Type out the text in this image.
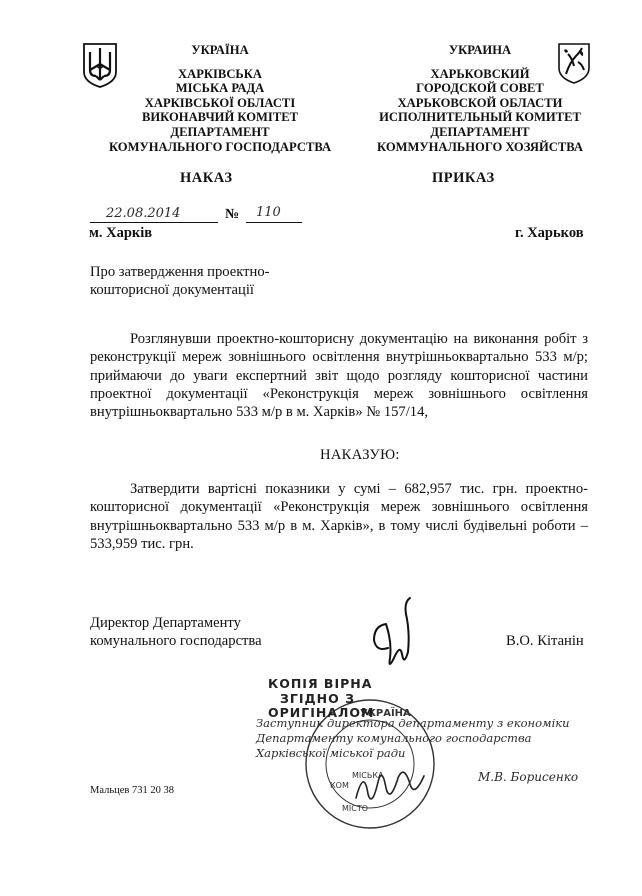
УКРАЇНА
ХАРКІВСЬКА
МІСЬКА РАДА
ХАРКІВСЬКОЇ ОБЛАСТІ
ВИКОНАВЧИЙ КОМІТЕТ
ДЕПАРТАМЕНТ
КОМУНАЛЬНОГО ГОСПОДАРСТВА
УКРАИНА
ХАРЬКОВСКИЙ
ГОРОДСКОЙ СОВЕТ
ХАРЬКОВСКОЙ ОБЛАСТИ
ИСПОЛНИТЕЛЬНЫЙ КОМИТЕТ
ДЕПАРТАМЕНТ
КОММУНАЛЬНОГО ХОЗЯЙСТВА
НАКАЗ	ПРИКАЗ
22.08.2014	№ 110
м. Харків	г. Харьков
Про затвердження проектно-
кошторисної документації
Розглянувши проектно-кошторисну документацію на виконання робіт з реконструкції мереж зовнішнього освітлення внутрішньоквартально 533 м/р; приймаючи до уваги експертний звіт щодо розгляду кошторисної частини проектної документації «Реконструкція мереж зовнішнього освітлення внутрішньоквартально 533 м/р в м. Харків» № 157/14,
НАКАЗУЮ:
Затвердити вартісні показники у сумі – 682,957 тис. грн. проектно-кошторисної документації «Реконструкція мереж зовнішнього освітлення внутрішньоквартально 533 м/р в м. Харків», в тому числі будівельні роботи – 533,959 тис. грн.
Директор Департаменту
комунального господарства	В.О. Кітанін
УКРАЇНА
МІСЬКА
КОМ
МІСТО
КОПІЯ ВІРНА
ЗГІДНО З
ОРИГІНАЛОМ
Заступник директора департаменту з економіки
Департаменту комунального господарства
Харківської міської ради
М.В. Борисенко
Мальцев 731 20 38
